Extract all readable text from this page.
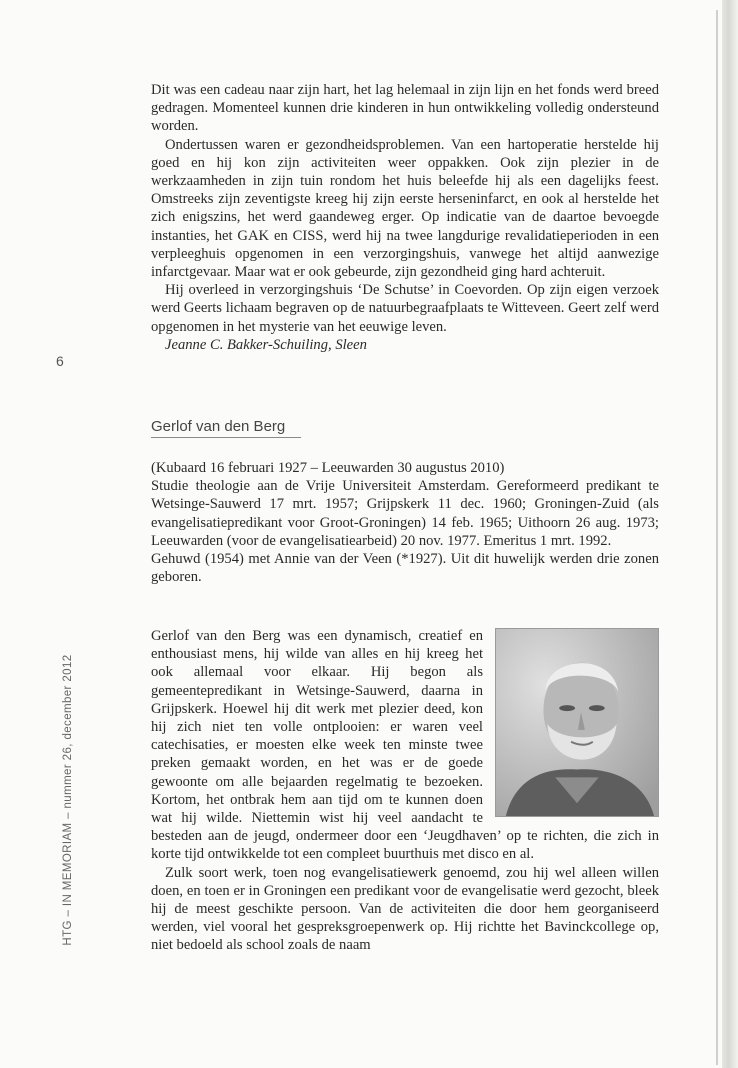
Dit was een cadeau naar zijn hart, het lag helemaal in zijn lijn en het fonds werd breed gedragen. Momenteel kunnen drie kinderen in hun ontwikkeling volledig ondersteund worden.

Ondertussen waren er gezondheidsproblemen. Van een hartoperatie herstelde hij goed en hij kon zijn activiteiten weer oppakken. Ook zijn plezier in de werkzaamheden in zijn tuin rondom het huis beleefde hij als een dagelijks feest. Omstreeks zijn zeventigste kreeg hij zijn eerste herseninfarct, en ook al herstelde het zich enigszins, het werd gaandeweg erger. Op indicatie van de daartoe bevoegde instanties, het GAK en CISS, werd hij na twee langdurige revalidatieperioden in een verpleeghuis opgenomen in een verzorgingshuis, vanwege het altijd aanwezige infarctgevaar. Maar wat er ook gebeurde, zijn gezondheid ging hard achteruit.

Hij overleed in verzorgingshuis ‘De Schutse’ in Coevorden. Op zijn eigen verzoek werd Geerts lichaam begraven op de natuurbegraafplaats te Witteveen. Geert zelf werd opgenomen in het mysterie van het eeuwige leven.

Jeanne C. Bakker-Schuiling, Sleen

6
HTG – IN MEMORIAM – nummer 26, december 2012
Gerlof van den Berg

(Kubaard 16 februari 1927 – Leeuwarden 30 augustus 2010)

Studie theologie aan de Vrije Universiteit Amsterdam. Gereformeerd predikant te Wetsinge-Sauwerd 17 mrt. 1957; Grijpskerk 11 dec. 1960; Groningen-Zuid (als evangelisatiepredikant voor Groot-Groningen) 14 feb. 1965; Uithoorn 26 aug. 1973; Leeuwarden (voor de evangelisatiearbeid) 20 nov. 1977. Emeritus 1 mrt. 1992.

Gehuwd (1954) met Annie van der Veen (*1927). Uit dit huwelijk werden drie zonen geboren.

Gerlof van den Berg was een dynamisch, creatief en enthousiast mens, hij wilde van alles en hij kreeg het ook allemaal voor elkaar. Hij begon als gemeentepredikant in Wetsinge-Sauwerd, daarna in Grijpskerk. Hoewel hij dit werk met plezier deed, kon hij zich niet ten volle ontplooien: er waren veel catechisaties, er moesten elke week ten minste twee preken gemaakt worden, en het was er de goede gewoonte om alle bejaarden regelmatig te bezoeken. Kortom, het ontbrak hem aan tijd om te kunnen doen wat hij wilde. Niettemin wist hij veel aandacht te besteden aan de jeugd, ondermeer door een ‘Jeugdhaven’ op te richten, die zich in korte tijd ontwikkelde tot een compleet buurthuis met disco en al.

Zulk soort werk, toen nog evangelisatiewerk genoemd, zou hij wel alleen willen doen, en toen er in Groningen een predikant voor de evangelisatie werd gezocht, bleek hij de meest geschikte persoon. Van de activiteiten die door hem georganiseerd werden, viel vooral het gespreksgroepenwerk op. Hij richtte het Bavinckcollege op, niet bedoeld als school zoals de naam
